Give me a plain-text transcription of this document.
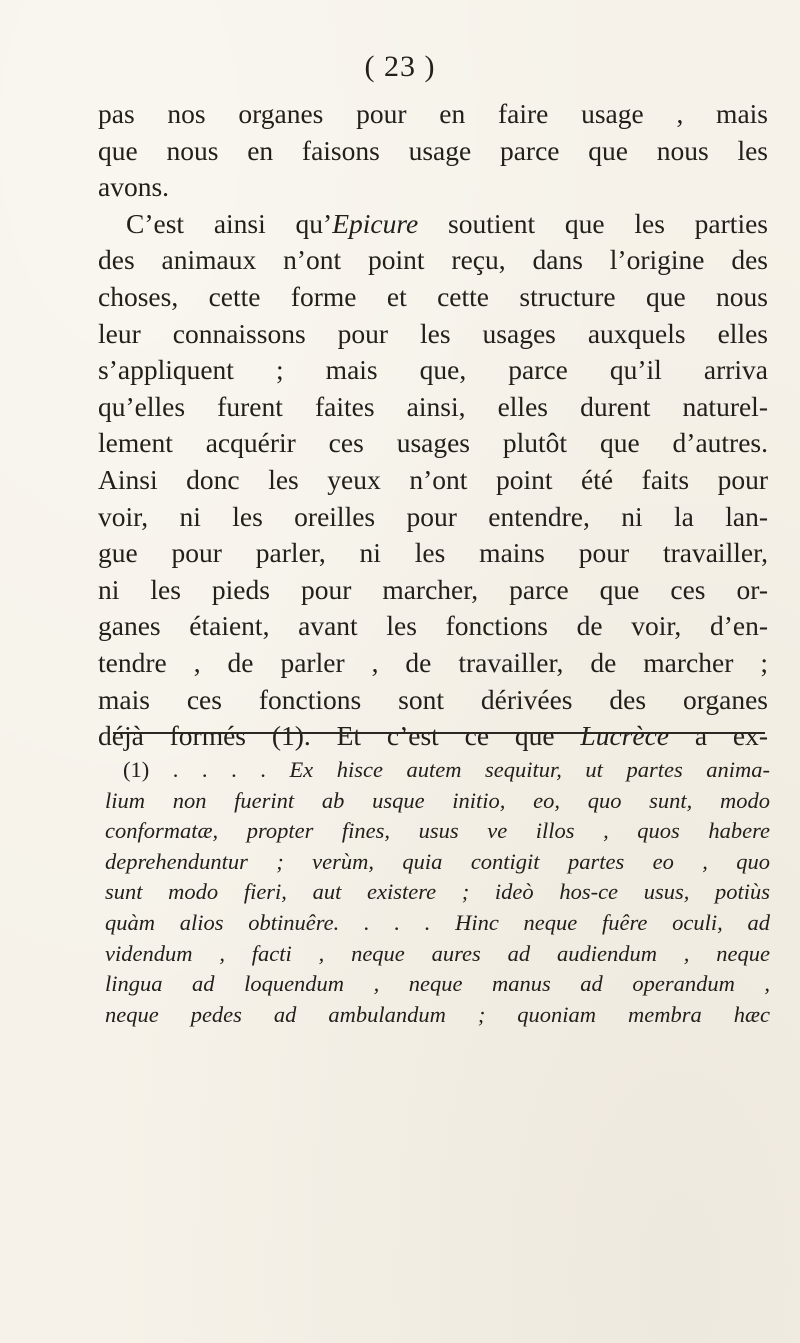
( 23 )
pas nos organes pour en faire usage , mais
que nous en faisons usage parce que nous les
avons.
C’est ainsi qu’Epicure soutient que les parties
des animaux n’ont point reçu, dans l’origine des
choses, cette forme et cette structure que nous
leur connaissons pour les usages auxquels elles
s’appliquent ; mais que, parce qu’il arriva
qu’elles furent faites ainsi, elles durent naturel-
lement acquérir ces usages plutôt que d’autres.
Ainsi donc les yeux n’ont point été faits pour
voir, ni les oreilles pour entendre, ni la lan-
gue pour parler, ni les mains pour travailler,
ni les pieds pour marcher, parce que ces or-
ganes étaient, avant les fonctions de voir, d’en-
tendre , de parler , de travailler, de marcher ;
mais ces fonctions sont dérivées des organes
déjà formés (1). Et c’est ce que Lucrèce a ex-
(1) . . . . Ex hisce autem sequitur, ut partes anima-
lium non fuerint ab usque initio, eo, quo sunt, modo
conformatæ, propter fines, usus ve illos , quos habere
deprehenduntur ; verùm, quia contigit partes eo , quo
sunt modo fieri, aut existere ; ideò hos-ce usus, potiùs
quàm alios obtinuêre. . . . Hinc neque fuêre oculi, ad
videndum , facti , neque aures ad audiendum , neque
lingua ad loquendum , neque manus ad operandum ,
neque pedes ad ambulandum ; quoniam membra hæc
